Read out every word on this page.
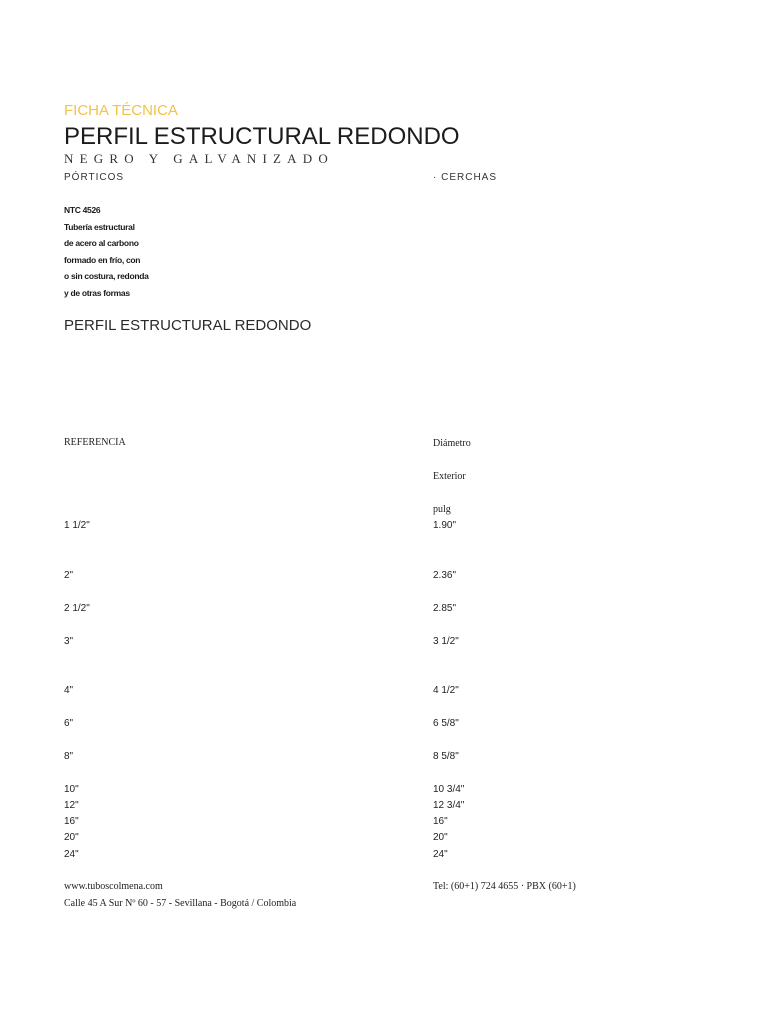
FICHA TÉCNICA
PERFIL ESTRUCTURAL REDONDO
NEGRO Y GALVANIZADO
PÓRTICOS	· CERCHAS
NTC 4526
Tubería estructural
de acero al carbono
formado en frío, con
o sin costura, redonda
y de otras formas
PERFIL ESTRUCTURAL REDONDO
REFERENCIA	Diámetro
Exterior
pulg
1 1/2"	1.90"
2"	2.36"
2 1/2"	2.85"
3"	3 1/2"
4"	4 1/2"
6"	6 5/8"
8"	8 5/8"
10"	10 3/4"
12"	12 3/4"
16"	16"
20"	20"
24"	24"
www.tuboscolmena.com
Calle 45 A Sur Nº 60 - 57 - Sevillana - Bogotá / Colombia
Tel: (60+1) 724 4655 · PBX (60+1)
